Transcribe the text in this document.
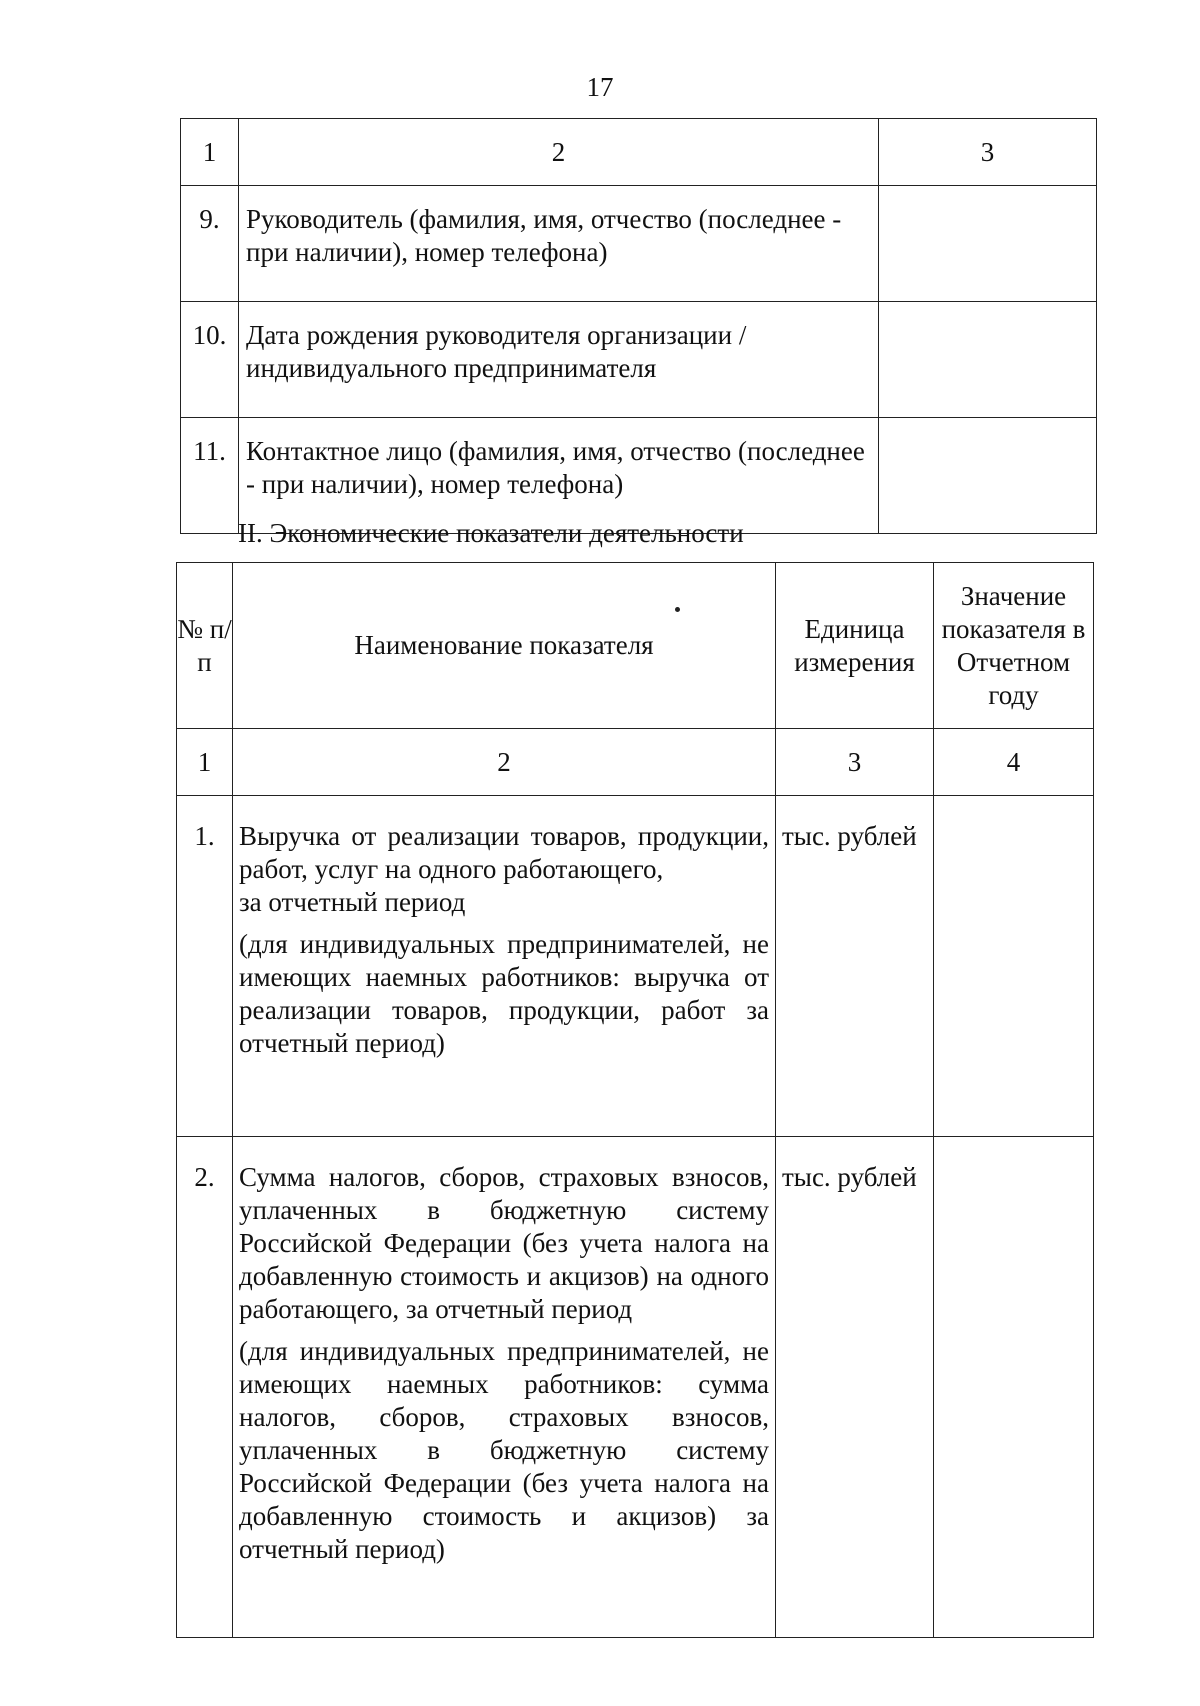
17
1	2	3
9.	Руководитель (фамилия, имя, отчество (последнее - при наличии), номер телефона)	
10.	Дата рождения руководителя организации / индивидуального предпринимателя	
11.	Контактное лицо (фамилия, имя, отчество (последнее - при наличии), номер телефона)	
II. Экономические показатели деятельности
№ п/п	Наименование показателя	Единица измерения	Значение показателя в Отчетном году
1	2	3	4
1.	Выручка от реализации товаров, продукции, работ, услуг на одного работающего,

за отчетный период

(для индивидуальных предпринимателей, не имеющих наемных работников: выручка от реализации товаров, продукции, работ за отчетный период)	тыс. рублей	
2.	Сумма налогов, сборов, страховых взносов, уплаченных в бюджетную систему Российской Федерации (без учета налога на добавленную стоимость и акцизов) на одного работающего, за отчетный период

(для индивидуальных предпринимателей, не имеющих наемных работников: сумма налогов, сборов, страховых взносов, уплаченных в бюджетную систему Российской Федерации (без учета налога на добавленную стоимость и акцизов) за отчетный период)	тыс. рублей	
